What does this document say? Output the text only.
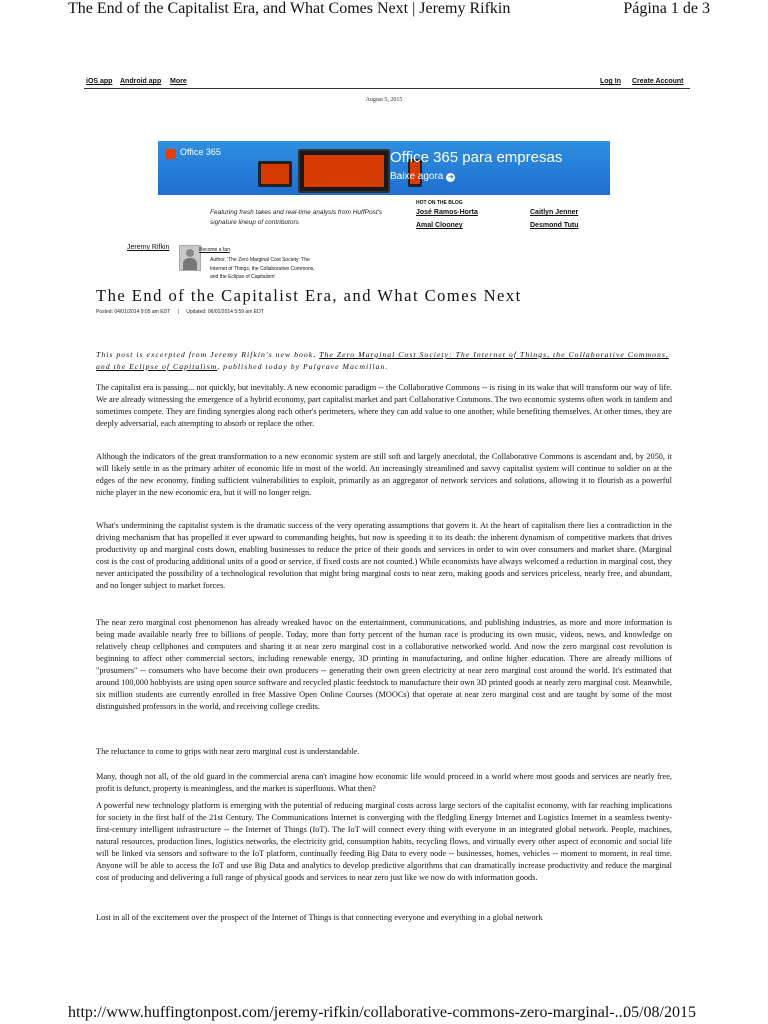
The End of the Capitalist Era, and What Comes Next | Jeremy Rifkin	Página 1 de 3
iOS app Android app More	Log In Create Account
August 5, 2015
Office 365	Office 365 para empresas
Baixe agora ➜
Featuring fresh takes and real-time analysis from HuffPost's signature lineup of contributors
HOT ON THE BLOG
José Ramos-Horta	Caitlyn Jenner
Amal Clooney	Desmond Tutu
Jeremy Rifkin	Become a fan
Author, 'The Zero Marginal Cost Society: The Internet of Things, the Collaborative Commons, and the Eclipse of Capitalism'
The End of the Capitalist Era, and What Comes Next
Posted: 04/01/2014 9:05 am EDT | Updated: 06/01/2014 5:59 am EDT
This post is excerpted from Jeremy Rifkin's new book, The Zero Marginal Cost Society: The Internet of Things, the Collaborative Commons, and the Eclipse of Capitalism, published today by Palgrave Macmillan.
The capitalist era is passing... not quickly, but inevitably. A new economic paradigm -- the Collaborative Commons -- is rising in its wake that will transform our way of life. We are already witnessing the emergence of a hybrid economy, part capitalist market and part Collaborative Commons. The two economic systems often work in tandem and sometimes compete. They are finding synergies along each other's perimeters, where they can add value to one another, while benefiting themselves. At other times, they are deeply adversarial, each attempting to absorb or replace the other.
Although the indicators of the great transformation to a new economic system are still soft and largely anecdotal, the Collaborative Commons is ascendant and, by 2050, it will likely settle in as the primary arbiter of economic life in most of the world. An increasingly streamlined and savvy capitalist system will continue to soldier on at the edges of the new economy, finding sufficient vulnerabilities to exploit, primarily as an aggregator of network services and solutions, allowing it to flourish as a powerful niche player in the new economic era, but it will no longer reign.
What's undermining the capitalist system is the dramatic success of the very operating assumptions that govern it. At the heart of capitalism there lies a contradiction in the driving mechanism that has propelled it ever upward to commanding heights, but now is speeding it to its death: the inherent dynamism of competitive markets that drives productivity up and marginal costs down, enabling businesses to reduce the price of their goods and services in order to win over consumers and market share. (Marginal cost is the cost of producing additional units of a good or service, if fixed costs are not counted.) While economists have always welcomed a reduction in marginal cost, they never anticipated the possibility of a technological revolution that might bring marginal costs to near zero, making goods and services priceless, nearly free, and abundant, and no longer subject to market forces.
The near zero marginal cost phenomenon has already wreaked havoc on the entertainment, communications, and publishing industries, as more and more information is being made available nearly free to billions of people. Today, more than forty percent of the human race is producing its own music, videos, news, and knowledge on relatively cheap cellphones and computers and sharing it at near zero marginal cost in a collaborative networked world. And now the zero marginal cost revolution is beginning to affect other commercial sectors, including renewable energy, 3D printing in manufacturing, and online higher education. There are already millions of "prosumers" -- consumers who have become their own producers -- generating their own green electricity at near zero marginal cost around the world. It's estimated that around 100,000 hobbyists are using open source software and recycled plastic feedstock to manufacture their own 3D printed goods at nearly zero marginal cost. Meanwhile, six million students are currently enrolled in free Massive Open Online Courses (MOOCs) that operate at near zero marginal cost and are taught by some of the most distinguished professors in the world, and receiving college credits.
The reluctance to come to grips with near zero marginal cost is understandable.
Many, though not all, of the old guard in the commercial arena can't imagine how economic life would proceed in a world where most goods and services are nearly free, profit is defunct, property is meaningless, and the market is superfluous. What then?
A powerful new technology platform is emerging with the potential of reducing marginal costs across large sectors of the capitalist economy, with far reaching implications for society in the first half of the 21st Century. The Communications Internet is converging with the fledgling Energy Internet and Logistics Internet in a seamless twenty-first-century intelligent infrastructure -- the Internet of Things (IoT). The IoT will connect every thing with everyone in an integrated global network. People, machines, natural resources, production lines, logistics networks, the electricity grid, consumption habits, recycling flows, and virtually every other aspect of economic and social life will be linked via sensors and software to the IoT platform, continually feeding Big Data to every node -- businesses, homes, vehicles -- moment to moment, in real time. Anyone will be able to access the IoT and use Big Data and analytics to develop predictive algorithms that can dramatically increase productivity and reduce the marginal cost of producing and delivering a full range of physical goods and services to near zero just like we now do with information goods.
Lost in all of the excitement over the prospect of the Internet of Things is that connecting everyone and everything in a global network
http://www.huffingtonpost.com/jeremy-rifkin/collaborative-commons-zero-marginal-...
05/08/2015
